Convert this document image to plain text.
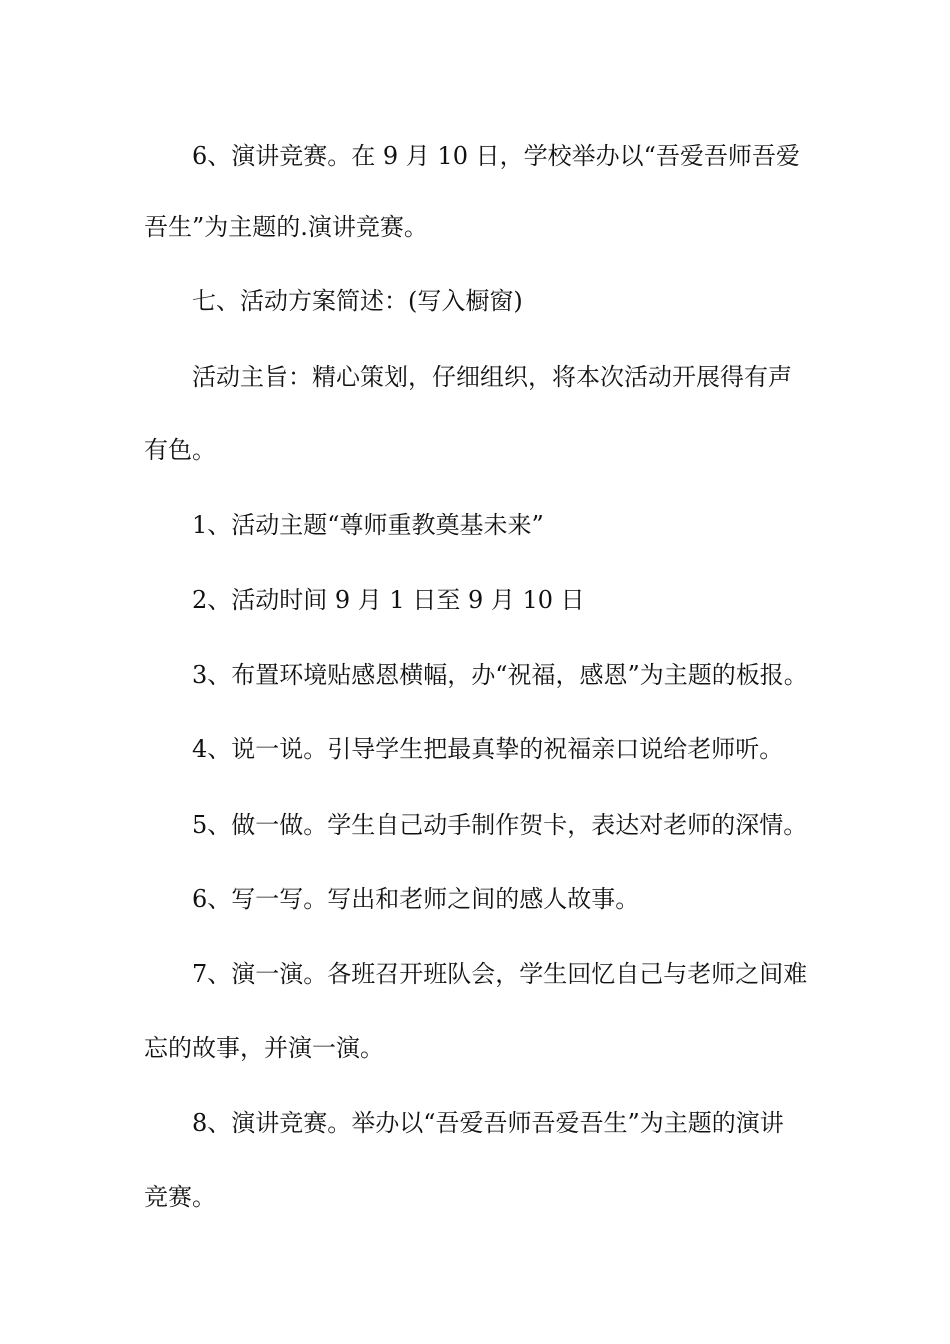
6、演讲竞赛。在 9 月 10 日，学校举办以“吾爱吾师吾爱

吾生”为主题的.演讲竞赛。

七、活动方案简述：(写入橱窗)

活动主旨：精心策划，仔细组织，将本次活动开展得有声

有色。

1、活动主题“尊师重教奠基未来”

2、活动时间 9 月 1 日至 9 月 10 日

3、布置环境贴感恩横幅，办“祝福，感恩”为主题的板报。

4、说一说。引导学生把最真挚的祝福亲口说给老师听。

5、做一做。学生自己动手制作贺卡，表达对老师的深情。

6、写一写。写出和老师之间的感人故事。

7、演一演。各班召开班队会，学生回忆自己与老师之间难

忘的故事，并演一演。

8、演讲竞赛。举办以“吾爱吾师吾爱吾生”为主题的演讲

竞赛。
